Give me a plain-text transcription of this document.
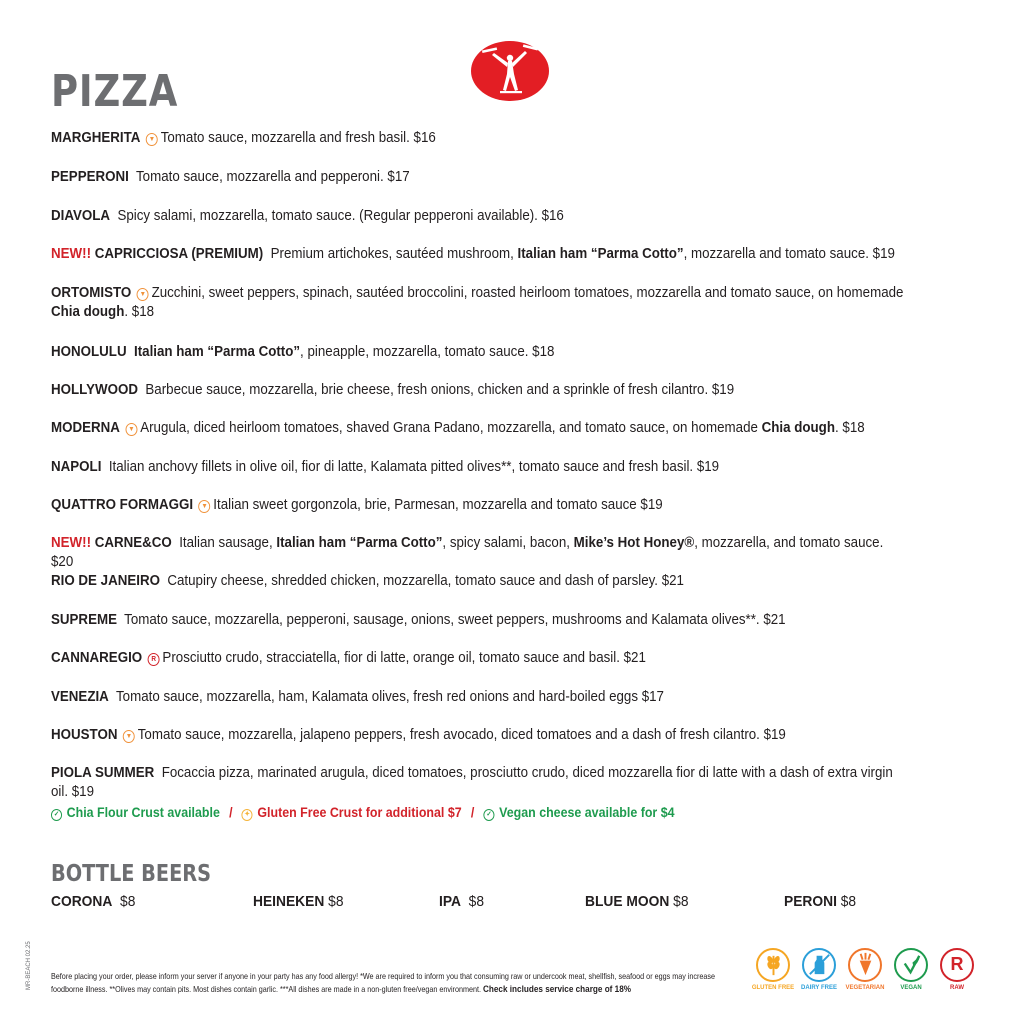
PIZZA
MARGHERITA ▼ Tomato sauce, mozzarella and fresh basil. $16
PEPPERONI Tomato sauce, mozzarella and pepperoni. $17
DIAVOLA Spicy salami, mozzarella, tomato sauce. (Regular pepperoni available). $16
NEW!! CAPRICCIOSA (PREMIUM) Premium artichokes, sautéed mushroom, Italian ham “Parma Cotto”, mozzarella and tomato sauce. $19
ORTOMISTO ▼ Zucchini, sweet peppers, spinach, sautéed broccolini, roasted heirloom tomatoes, mozzarella and tomato sauce, on homemade Chia dough. $18
HONOLULU Italian ham “Parma Cotto”, pineapple, mozzarella, tomato sauce. $18
HOLLYWOOD Barbecue sauce, mozzarella, brie cheese, fresh onions, chicken and a sprinkle of fresh cilantro. $19
MODERNA ▼ Arugula, diced heirloom tomatoes, shaved Grana Padano, mozzarella, and tomato sauce, on homemade Chia dough. $18
NAPOLI Italian anchovy fillets in olive oil, fior di latte, Kalamata pitted olives**, tomato sauce and fresh basil. $19
QUATTRO FORMAGGI ▼ Italian sweet gorgonzola, brie, Parmesan, mozzarella and tomato sauce $19
NEW!! CARNE&CO Italian sausage, Italian ham “Parma Cotto”, spicy salami, bacon, Mike’s Hot Honey®, mozzarella, and tomato sauce. $20
RIO DE JANEIRO Catupiry cheese, shredded chicken, mozzarella, tomato sauce and dash of parsley. $21
SUPREME Tomato sauce, mozzarella, pepperoni, sausage, onions, sweet peppers, mushrooms and Kalamata olives**. $21
CANNAREGIO R Prosciutto crudo, stracciatella, fior di latte, orange oil, tomato sauce and basil. $21
VENEZIA Tomato sauce, mozzarella, ham, Kalamata olives, fresh red onions and hard-boiled eggs $17
HOUSTON ▼ Tomato sauce, mozzarella, jalapeno peppers, fresh avocado, diced tomatoes and a dash of fresh cilantro. $19
PIOLA SUMMER Focaccia pizza, marinated arugula, diced tomatoes, prosciutto crudo, diced mozzarella fior di latte with a dash of extra virgin oil. $19
✓ Chia Flour Crust available / ✦ Gluten Free Crust for additional $7 / ✓ Vegan cheese available for $4
BOTTLE BEERS
CORONA $8	HEINEKEN $8	IPA $8	BLUE MOON $8	PERONI $8
MR-BEACH 02.25 Before placing your order, please inform your server if anyone in your party has any food allergy! *We are required to inform you that consuming raw or undercook meat, shellfish, seafood or eggs may increase foodborne illness. **Olives may contain pits. Most dishes contain garlic. ***All dishes are made in a non-gluten free/vegan environment. Check includes service charge of 18%	GLUTEN FREE	DAIRY FREE	VEGETARIAN	VEGAN
R
RAW
